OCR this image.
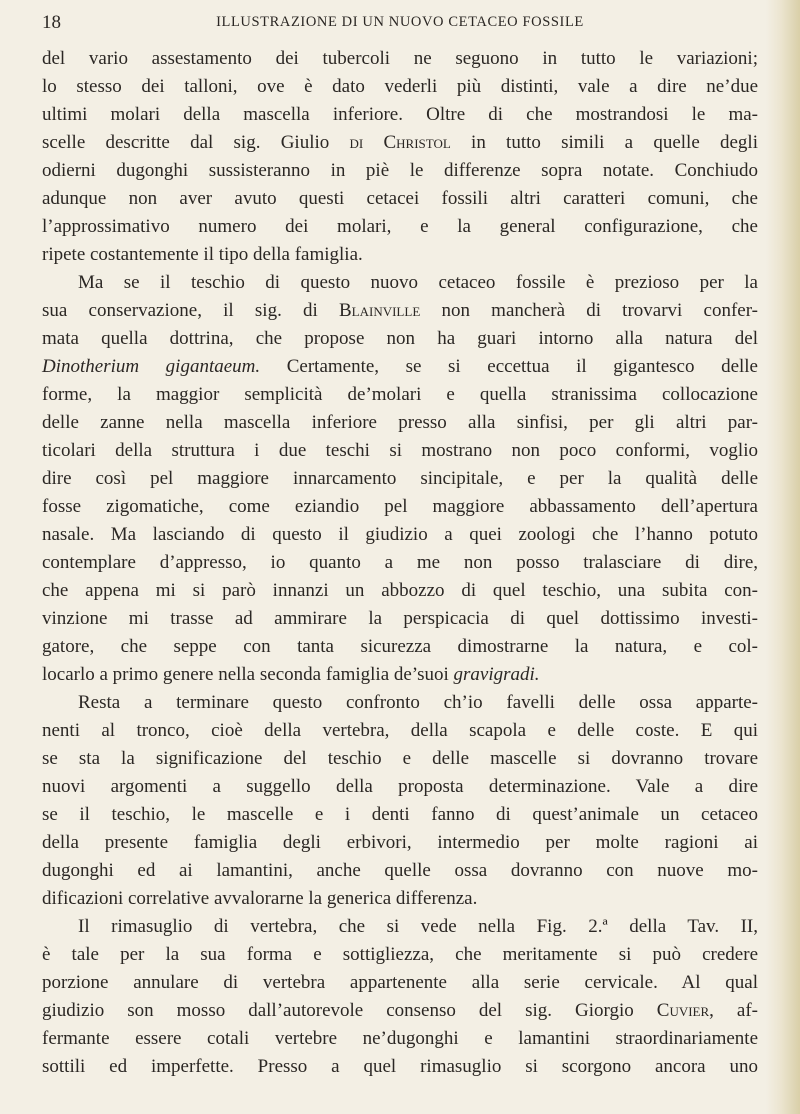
18	ILLUSTRAZIONE DI UN NUOVO CETACEO FOSSILE
del vario assestamento dei tubercoli ne seguono in tutto le variazioni;
lo stesso dei talloni, ove è dato vederli più distinti, vale a dire ne’due
ultimi molari della mascella inferiore. Oltre di che mostrandosi le ma-
scelle descritte dal sig. Giulio di Christol in tutto simili a quelle degli
odierni dugonghi sussisteranno in piè le differenze sopra notate. Conchiudo
adunque non aver avuto questi cetacei fossili altri caratteri comuni, che
l’approssimativo numero dei molari, e la general configurazione, che
ripete costantemente il tipo della famiglia.
Ma se il teschio di questo nuovo cetaceo fossile è prezioso per la
sua conservazione, il sig. di Blainville non mancherà di trovarvi confer-
mata quella dottrina, che propose non ha guari intorno alla natura del
Dinotherium gigantaeum. Certamente, se si eccettua il gigantesco delle
forme, la maggior semplicità de’molari e quella stranissima collocazione
delle zanne nella mascella inferiore presso alla sinfisi, per gli altri par-
ticolari della struttura i due teschi si mostrano non poco conformi, voglio
dire così pel maggiore innarcamento sincipitale, e per la qualità delle
fosse zigomatiche, come eziandio pel maggiore abbassamento dell’apertura
nasale. Ma lasciando di questo il giudizio a quei zoologi che l’hanno potuto
contemplare d’appresso, io quanto a me non posso tralasciare di dire,
che appena mi si parò innanzi un abbozzo di quel teschio, una subita con-
vinzione mi trasse ad ammirare la perspicacia di quel dottissimo investi-
gatore, che seppe con tanta sicurezza dimostrarne la natura, e col-
locarlo a primo genere nella seconda famiglia de’suoi gravigradi.
Resta a terminare questo confronto ch’io favelli delle ossa apparte-
nenti al tronco, cioè della vertebra, della scapola e delle coste. E qui
se sta la significazione del teschio e delle mascelle si dovranno trovare
nuovi argomenti a suggello della proposta determinazione. Vale a dire
se il teschio, le mascelle e i denti fanno di quest’animale un cetaceo
della presente famiglia degli erbivori, intermedio per molte ragioni ai
dugonghi ed ai lamantini, anche quelle ossa dovranno con nuove mo-
dificazioni correlative avvalorarne la generica differenza.
Il rimasuglio di vertebra, che si vede nella Fig. 2.ª della Tav. II,
è tale per la sua forma e sottigliezza, che meritamente si può credere
porzione annulare di vertebra appartenente alla serie cervicale. Al qual
giudizio son mosso dall’autorevole consenso del sig. Giorgio Cuvier, af-
fermante essere cotali vertebre ne’dugonghi e lamantini straordinariamente
sottili ed imperfette. Presso a quel rimasuglio si scorgono ancora uno
